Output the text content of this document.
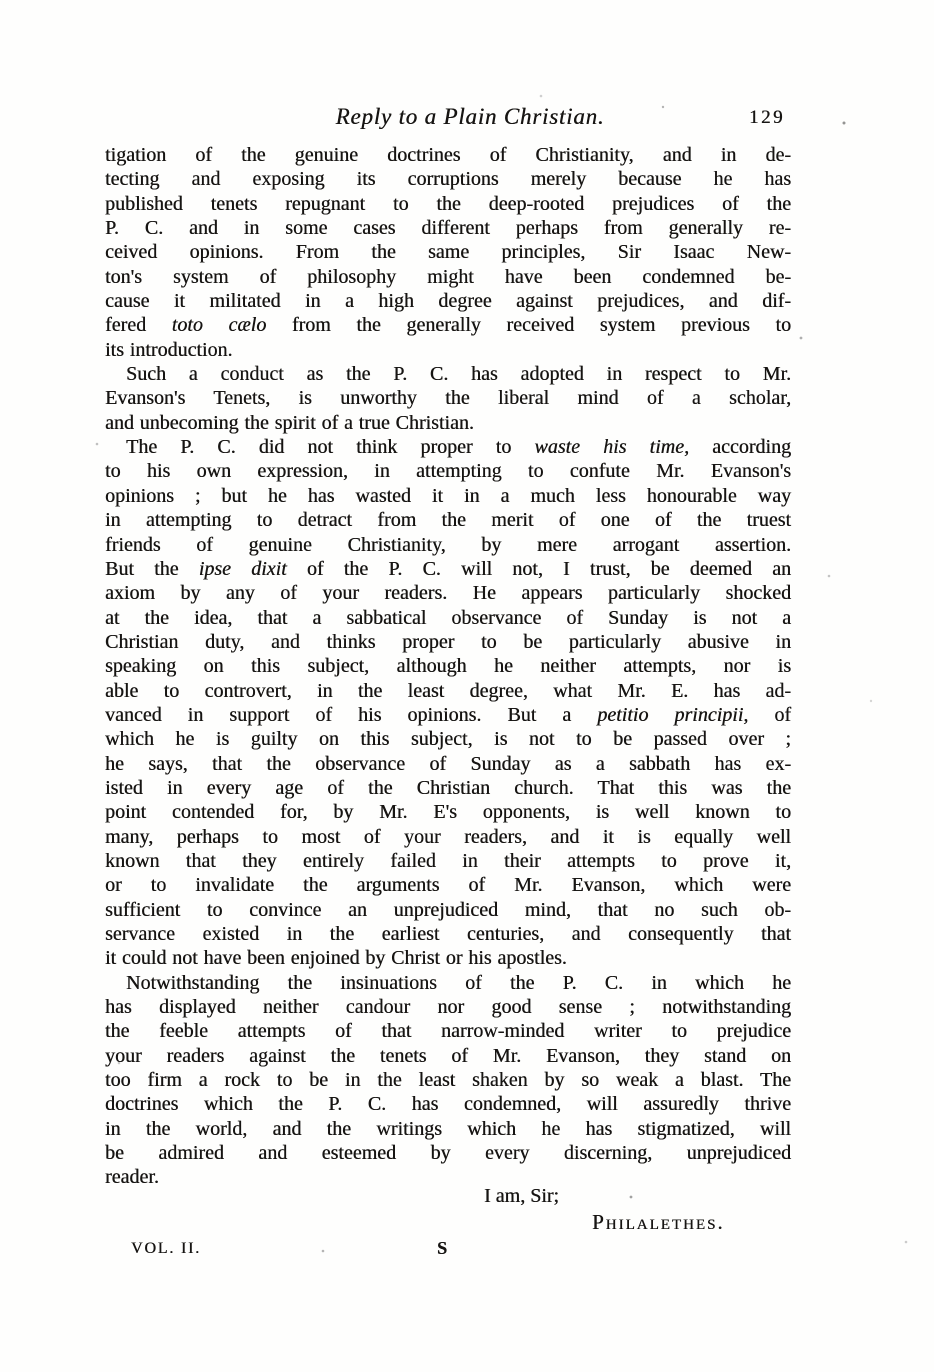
Reply to a Plain Christian.	129
tigation of the genuine doctrines of Christianity, and in de-
tecting and exposing its corruptions merely because he has
published tenets repugnant to the deep-rooted prejudices of the
P. C. and in some cases different perhaps from generally re-
ceived opinions. From the same principles, Sir Isaac New-
ton's system of philosophy might have been condemned be-
cause it militated in a high degree against prejudices, and dif-
fered toto cælo from the generally received system previous to
its introduction.
Such a conduct as the P. C. has adopted in respect to Mr.
Evanson's Tenets, is unworthy the liberal mind of a scholar,
and unbecoming the spirit of a true Christian.
The P. C. did not think proper to waste his time, according
to his own expression, in attempting to confute Mr. Evanson's
opinions ; but he has wasted it in a much less honourable way
in attempting to detract from the merit of one of the truest
friends of genuine Christianity, by mere arrogant assertion.
But the ipse dixit of the P. C. will not, I trust, be deemed an
axiom by any of your readers. He appears particularly shocked
at the idea, that a sabbatical observance of Sunday is not a
Christian duty, and thinks proper to be particularly abusive in
speaking on this subject, although he neither attempts, nor is
able to controvert, in the least degree, what Mr. E. has ad-
vanced in support of his opinions. But a petitio principii, of
which he is guilty on this subject, is not to be passed over ;
he says, that the observance of Sunday as a sabbath has ex-
isted in every age of the Christian church. That this was the
point contended for, by Mr. E's opponents, is well known to
many, perhaps to most of your readers, and it is equally well
known that they entirely failed in their attempts to prove it,
or to invalidate the arguments of Mr. Evanson, which were
sufficient to convince an unprejudiced mind, that no such ob-
servance existed in the earliest centuries, and consequently that
it could not have been enjoined by Christ or his apostles.
Notwithstanding the insinuations of the P. C. in which he
has displayed neither candour nor good sense ; notwithstanding
the feeble attempts of that narrow-minded writer to prejudice
your readers against the tenets of Mr. Evanson, they stand on
too firm a rock to be in the least shaken by so weak a blast. The
doctrines which the P. C. has condemned, will assuredly thrive
in the world, and the writings which he has stigmatized, will
be admired and esteemed by every discerning, unprejudiced
reader.
I am, Sir;
Philalethes.
VOL. II.	S
